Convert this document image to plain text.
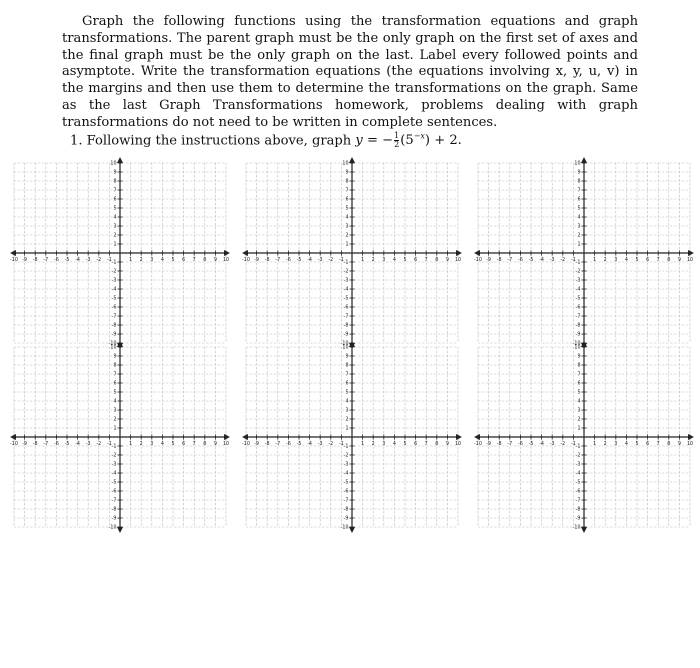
Graph the following functions using the transformation equations and graph transformations. The parent graph must be the only graph on the first set of axes and the final graph must be the only graph on the last. Label every followed points and asymptote. Write the transformation equations (the equations involving x, y, u, v) in the margins and then use them to determine the transformations on the graph. Same as the last Graph Transformations homework, problems dealing with graph transformations do not need to be written in complete sentences.

1. Following the instructions above, graph y = − $\frac{1}{2} (5^{-x}) + 2$.

-10 -9 -8 -7 -6 -5 -4 -3 -2 -1	1 2 3 4 5 6 7 8 9 10
10
9
8
7
6
5
4
3
2
1
-1
-2
-3
-4
-5
-6
-7
-8
-9
-10
-10 -9 -8 -7 -6 -5 -4 -3 -2 -1	1 2 3 4 5 6 7 8 9 10
10
9
8
7
6
5
4
3
2
1
-1
-2
-3
-4
-5
-6
-7
-8
-9
-10
-10 -9 -8 -7 -6 -5 -4 -3 -2 -1	1 2 3 4 5 6 7 8 9 10
10
9
8
7
6
5
4
3
2
1
-1
-2
-3
-4
-5
-6
-7
-8
-9
-10
-10 -9 -8 -7 -6 -5 -4 -3 -2 -1	1 2 3 4 5 6 7 8 9 10
10
9
8
7
6
5
4
3
2
1
-1
-2
-3
-4
-5
-6
-7
-8
-9
-10
-10 -9 -8 -7 -6 -5 -4 -3 -2 -1	1 2 3 4 5 6 7 8 9 10
10
9
8
7
6
5
4
3
2
1
-1
-2
-3
-4
-5
-6
-7
-8
-9
-10
-10 -9 -8 -7 -6 -5 -4 -3 -2 -1	1 2 3 4 5 6 7 8 9 10
10
9
8
7
6
5
4
3
2
1
-1
-2
-3
-4
-5
-6
-7
-8
-9
-10
